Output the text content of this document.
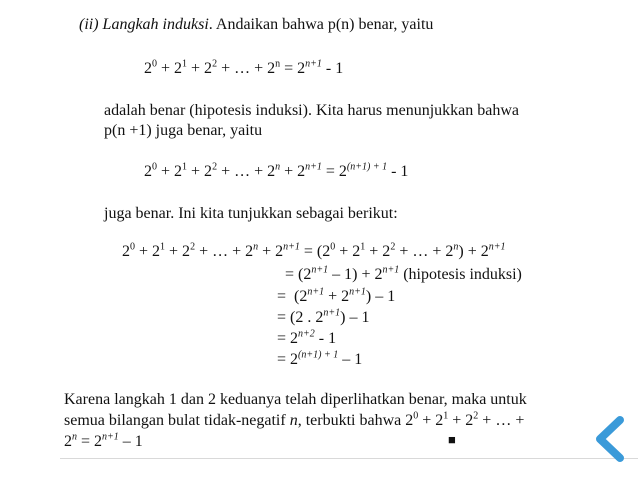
(ii) Langkah induksi. Andaikan bahwa p(n) benar, yaitu
$2^0 + 2^1 + 2^2$ + … + $2^n = 2^{n+1} - 1$
adalah benar (hipotesis induksi). Kita harus menunjukkan bahwa
p(n +1) juga benar, yaitu
$2^0 + 2^1 + 2^2$ + … + $2^n + 2^{n+1} = 2^{(n+1) + 1} - 1$
juga benar. Ini kita tunjukkan sebagai berikut:
$2^0 + 2^1 + 2^2$ + … + $2^n + 2^{n+1} = (2^0 + 2^1 + 2^2$ + … + $2^n) + 2^{n+1}$
= $(2^{n+1} - 1) + 2^{n+1}$ (hipotesis induksi)
=  $(2^{n+1} + 2^{n+1}) - 1$
= (2 . $2^{n+1}) - 1$
= $2^{n+2} - 1$
= $2^{(n+1) + 1} - 1$
Karena langkah 1 dan 2 keduanya telah diperlihatkan benar, maka untuk
semua bilangan bulat tidak-negatif n, terbukti bahwa $2^0 + 2^1 + 2^2$ + … +
$2^n = 2^{n+1} - 1$	■
